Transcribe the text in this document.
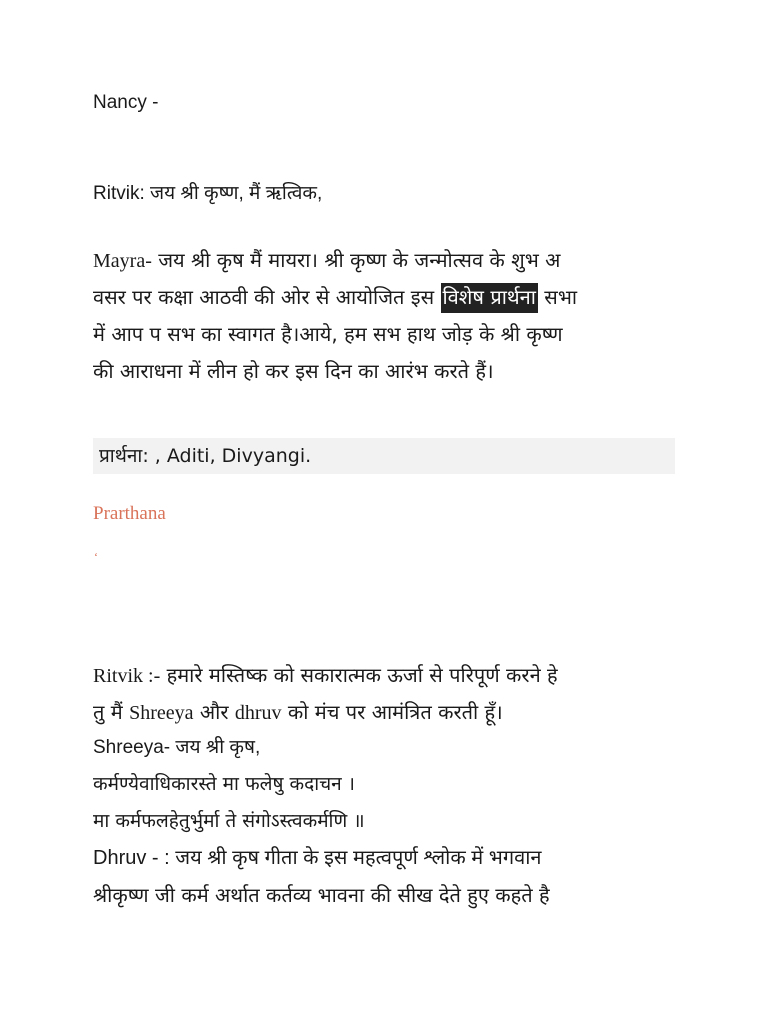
Nancy -
Ritvik: जय श्री कृष्ण, मैं ऋत्विक,
Mayra- जय श्री कृष मैं मायरा। श्री कृष्ण के जन्मोत्सव के शुभ अ
वसर पर कक्षा आठवी की ओर से आयोजित इस विशेष प्रार्थना सभा
में आप प सभ का स्वागत है।आये, हम सभ हाथ जोड़ के श्री कृष्ण
की आराधना में लीन हो कर इस दिन का आरंभ करते हैं।
प्रार्थना: , Aditi, Divyangi.
Prarthana
‘
Ritvik :- हमारे मस्तिष्क को सकारात्मक ऊर्जा से परिपूर्ण करने हे
तु मैं Shreeya और dhruv को मंच पर आमंत्रित करती हूँ।
Shreeya- जय श्री कृष,
कर्मण्येवाधिकारस्ते मा फलेषु कदाचन ।
मा कर्मफलहेतुर्भुर्मा ते संगोऽस्त्वकर्मणि ॥
Dhruv - : जय श्री कृष गीता के इस महत्वपूर्ण श्लोक में भगवान
श्रीकृष्ण जी कर्म अर्थात कर्तव्य भावना की सीख देते हुए कहते है
